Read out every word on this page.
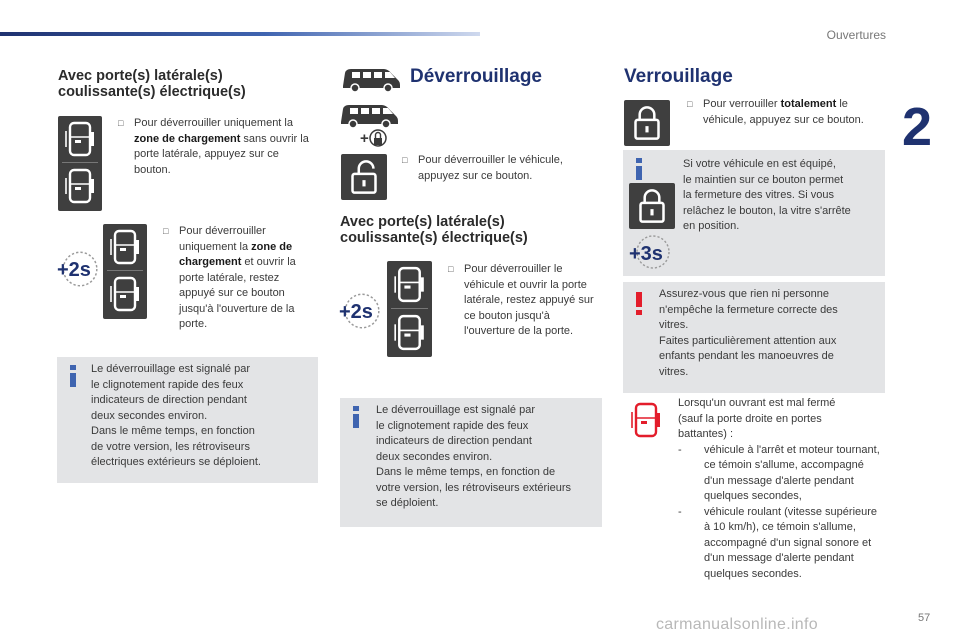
Ouvertures
2
Avec porte(s) latérale(s)
coulissante(s) électrique(s)
□ Pour déverrouiller uniquement la zone de chargement sans ouvrir la porte latérale, appuyez sur ce bouton.
+2s
□ Pour déverrouiller uniquement la zone de chargement et ouvrir la porte latérale, restez appuyé sur ce bouton jusqu'à l'ouverture de la porte.
Le déverrouillage est signalé par
le clignotement rapide des feux
indicateurs de direction pendant
deux secondes environ.
Dans le même temps, en fonction
de votre version, les rétroviseurs
électriques extérieurs se déploient.
+
Déverrouillage
□ Pour déverrouiller le véhicule, appuyez sur ce bouton.
Avec porte(s) latérale(s)
coulissante(s) électrique(s)
+2s
□ Pour déverrouiller le véhicule et ouvrir la porte latérale, restez appuyé sur ce bouton jusqu'à l'ouverture de la porte.
Le déverrouillage est signalé par
le clignotement rapide des feux
indicateurs de direction pendant
deux secondes environ.
Dans le même temps, en fonction de
votre version, les rétroviseurs extérieurs
se déploient.
Verrouillage
□ Pour verrouiller totalement le véhicule, appuyez sur ce bouton.
+3s
Si votre véhicule en est équipé,
le maintien sur ce bouton permet
la fermeture des vitres. Si vous
relâchez le bouton, la vitre s'arrête
en position.
Assurez-vous que rien ni personne
n'empêche la fermeture correcte des
vitres.
Faites particulièrement attention aux
enfants pendant les manoeuvres de
vitres.
Lorsqu'un ouvrant est mal fermé
(sauf la porte droite en portes
battantes) :
- véhicule à l'arrêt et moteur tournant, ce témoin s'allume, accompagné d'un message d'alerte pendant quelques secondes,
- véhicule roulant (vitesse supérieure à 10 km/h), ce témoin s'allume, accompagné d'un signal sonore et d'un message d'alerte pendant quelques secondes.
carmanualsonline.info	57
